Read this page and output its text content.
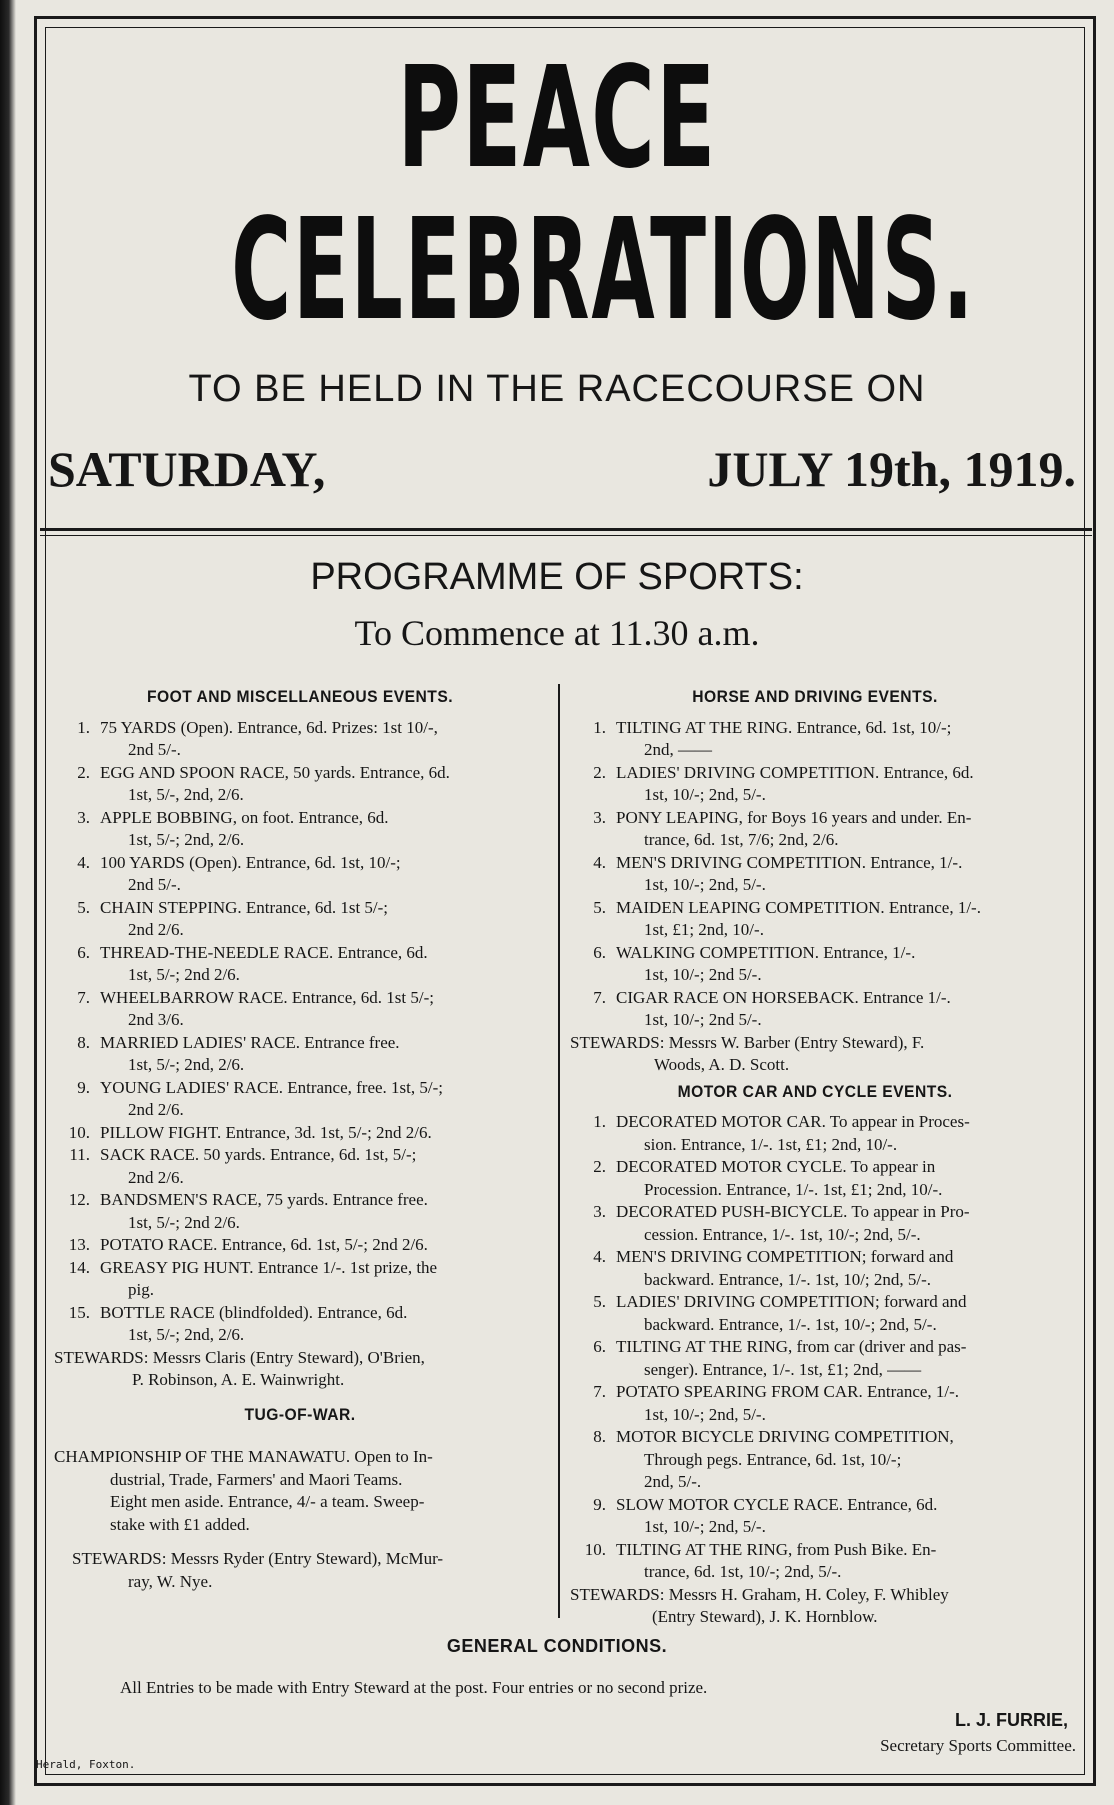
PEACE
CELEBRATIONS.
TO BE HELD IN THE RACECOURSE ON
SATURDAY,	JULY 19th, 1919.
PROGRAMME OF SPORTS:
To Commence at 11.30 a.m.
FOOT AND MISCELLANEOUS EVENTS.
1. 75 YARDS (Open). Entrance, 6d. Prizes: 1st 10/-,
2nd 5/-.
2. EGG AND SPOON RACE, 50 yards. Entrance, 6d.
1st, 5/-, 2nd, 2/6.
3. APPLE BOBBING, on foot. Entrance, 6d.
1st, 5/-; 2nd, 2/6.
4. 100 YARDS (Open). Entrance, 6d. 1st, 10/-;
2nd 5/-.
5. CHAIN STEPPING. Entrance, 6d. 1st 5/-;
2nd 2/6.
6. THREAD-THE-NEEDLE RACE. Entrance, 6d.
1st, 5/-; 2nd 2/6.
7. WHEELBARROW RACE. Entrance, 6d. 1st 5/-;
2nd 3/6.
8. MARRIED LADIES' RACE. Entrance free.
1st, 5/-; 2nd, 2/6.
9. YOUNG LADIES' RACE. Entrance, free. 1st, 5/-;
2nd 2/6.
10. PILLOW FIGHT. Entrance, 3d. 1st, 5/-; 2nd 2/6.
11. SACK RACE. 50 yards. Entrance, 6d. 1st, 5/-;
2nd 2/6.
12. BANDSMEN'S RACE, 75 yards. Entrance free.
1st, 5/-; 2nd 2/6.
13. POTATO RACE. Entrance, 6d. 1st, 5/-; 2nd 2/6.
14. GREASY PIG HUNT. Entrance 1/-. 1st prize, the
pig.
15. BOTTLE RACE (blindfolded). Entrance, 6d.
1st, 5/-; 2nd, 2/6.

STEWARDS: Messrs Claris (Entry Steward), O'Brien,
P. Robinson, A. E. Wainwright.

TUG-OF-WAR.

CHAMPIONSHIP OF THE MANAWATU. Open to In-
dustrial, Trade, Farmers' and Maori Teams.
Eight men aside. Entrance, 4/- a team. Sweep-
stake with £1 added.

STEWARDS: Messrs Ryder (Entry Steward), McMur-
ray, W. Nye.

HORSE AND DRIVING EVENTS.
1. TILTING AT THE RING. Entrance, 6d. 1st, 10/-;
2nd, ——
2. LADIES' DRIVING COMPETITION. Entrance, 6d.
1st, 10/-; 2nd, 5/-.
3. PONY LEAPING, for Boys 16 years and under. En-
trance, 6d. 1st, 7/6; 2nd, 2/6.
4. MEN'S DRIVING COMPETITION. Entrance, 1/-.
1st, 10/-; 2nd, 5/-.
5. MAIDEN LEAPING COMPETITION. Entrance, 1/-.
1st, £1; 2nd, 10/-.
6. WALKING COMPETITION. Entrance, 1/-.
1st, 10/-; 2nd 5/-.
7. CIGAR RACE ON HORSEBACK. Entrance 1/-.
1st, 10/-; 2nd 5/-.

STEWARDS: Messrs W. Barber (Entry Steward), F.
Woods, A. D. Scott.

MOTOR CAR AND CYCLE EVENTS.
1. DECORATED MOTOR CAR. To appear in Proces-
sion. Entrance, 1/-. 1st, £1; 2nd, 10/-.
2. DECORATED MOTOR CYCLE. To appear in
Procession. Entrance, 1/-. 1st, £1; 2nd, 10/-.
3. DECORATED PUSH-BICYCLE. To appear in Pro-
cession. Entrance, 1/-. 1st, 10/-; 2nd, 5/-.
4. MEN'S DRIVING COMPETITION; forward and
backward. Entrance, 1/-. 1st, 10/; 2nd, 5/-.
5. LADIES' DRIVING COMPETITION; forward and
backward. Entrance, 1/-. 1st, 10/-; 2nd, 5/-.
6. TILTING AT THE RING, from car (driver and pas-
senger). Entrance, 1/-. 1st, £1; 2nd, ——
7. POTATO SPEARING FROM CAR. Entrance, 1/-.
1st, 10/-; 2nd, 5/-.
8. MOTOR BICYCLE DRIVING COMPETITION,
Through pegs. Entrance, 6d. 1st, 10/-;
2nd, 5/-.
9. SLOW MOTOR CYCLE RACE. Entrance, 6d.
1st, 10/-; 2nd, 5/-.
10. TILTING AT THE RING, from Push Bike. En-
trance, 6d. 1st, 10/-; 2nd, 5/-.

STEWARDS: Messrs H. Graham, H. Coley, F. Whibley
(Entry Steward), J. K. Hornblow.

GENERAL CONDITIONS.
All Entries to be made with Entry Steward at the post. Four entries or no second prize.
L. J. FURRIE,
Secretary Sports Committee.
Herald, Foxton.
